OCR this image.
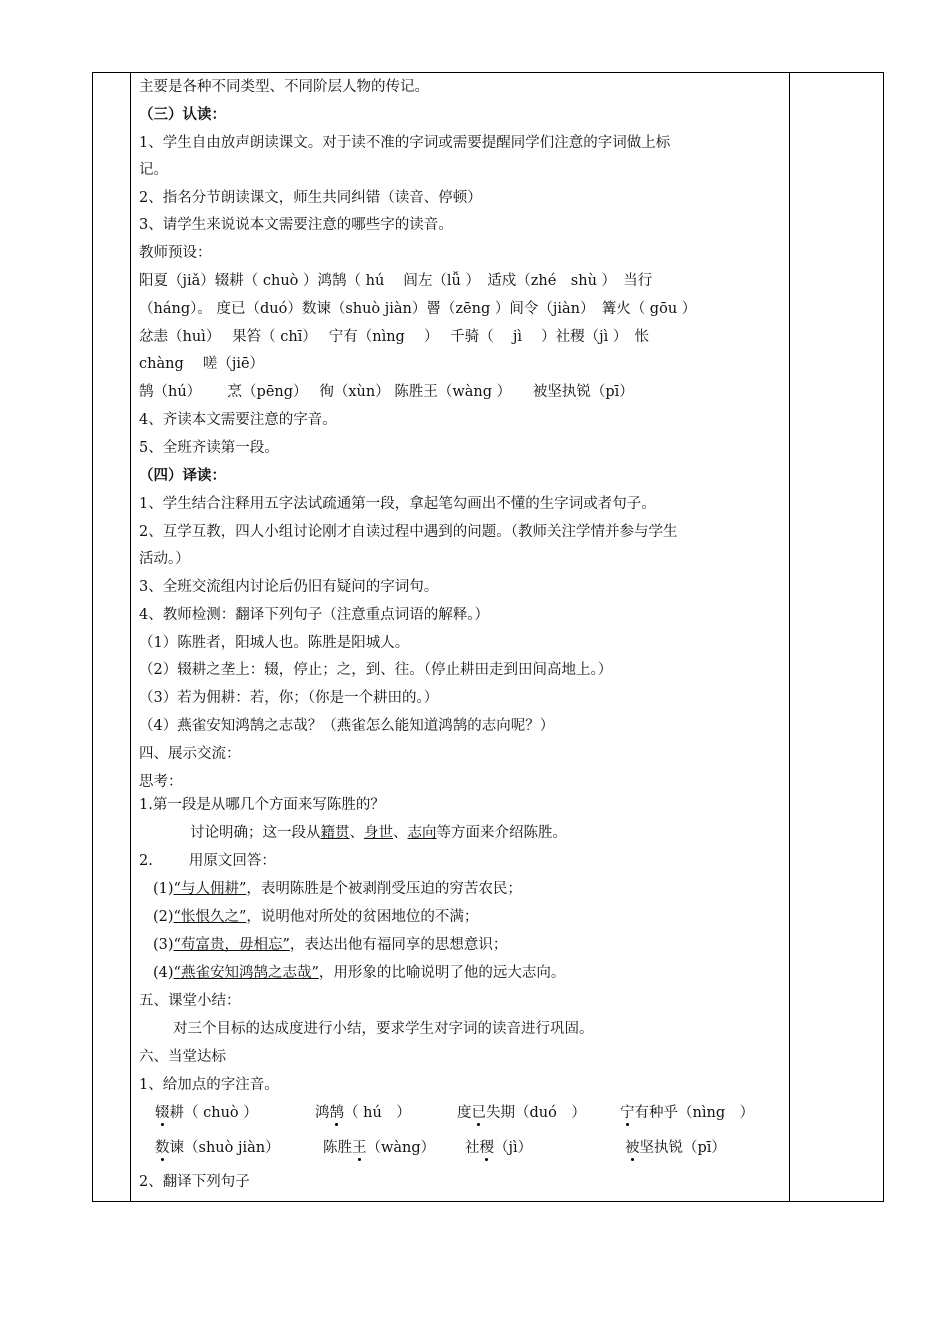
主要是各种不同类型、不同阶层人物的传记。
（三）认读：
1、学生自由放声朗读课文。对于读不准的字词或需要提醒同学们注意的字词做上标
记。
2、指名分节朗读课文，师生共同纠错（读音、停顿）
3、请学生来说说本文需要注意的哪些字的读音。
教师预设：
阳夏（jiǎ）辍耕（ chuò ）鸿鹄（ hú　 闾左（lǚ ）　适戍（zhé　shù ）　当行
（háng）。 度已（duó）数谏（shuò jiàn）罾（zēng ）间令（jiàn）　篝火（ gōu ）
忿恚（huì）　 果笞（ chī）　 宁有（nìng　 ）　 千骑（　 jì　 ）社稷（jì ）　怅
chàng　 嗟（jiē）
鹄（hú）　　 烹（pēng）　 徇（xùn） 陈胜王（wàng ）　　被坚执锐（pī）
4、齐读本文需要注意的字音。
5、全班齐读第一段。
（四）译读：
1、学生结合注释用五字法试疏通第一段，拿起笔勾画出不懂的生字词或者句子。
2、互学互教，四人小组讨论刚才自读过程中遇到的问题。（教师关注学情并参与学生
活动。）
3、全班交流组内讨论后仍旧有疑问的字词句。
4、教师检测：翻译下列句子（注意重点词语的解释。）
（1）陈胜者，阳城人也。陈胜是阳城人。
（2）辍耕之垄上：辍，停止；之，到、往。（停止耕田走到田间高地上。）
（3）若为佣耕：若，你；（你是一个耕田的。）
（4）燕雀安知鸿鹄之志哉？（燕雀怎么能知道鸿鹄的志向呢？）
四、展示交流：
思考：
1.第一段是从哪几个方面来写陈胜的？
讨论明确；这一段从籍贯、身世、志向等方面来介绍陈胜。
2. 用原文回答：
(1)“与人佣耕”，表明陈胜是个被剥削受压迫的穷苦农民；
(2)“怅恨久之”，说明他对所处的贫困地位的不满；
(3)“苟富贵，毋相忘”，表达出他有福同享的思想意识；
(4)“燕雀安知鸿鹄之志哉”，用形象的比喻说明了他的远大志向。
五、课堂小结：
对三个目标的达成度进行小结，要求学生对字词的读音进行巩固。
六、当堂达标
1、给加点的字注音。
辍耕（ chuò ）	鸿鹄（ hú　）	度已失期（duó　） 宁有种乎（nìng　）
数谏（shuò jiàn）	陈胜王（wàng） 社稷（jì）	被坚执锐（pī）
2、翻译下列句子
